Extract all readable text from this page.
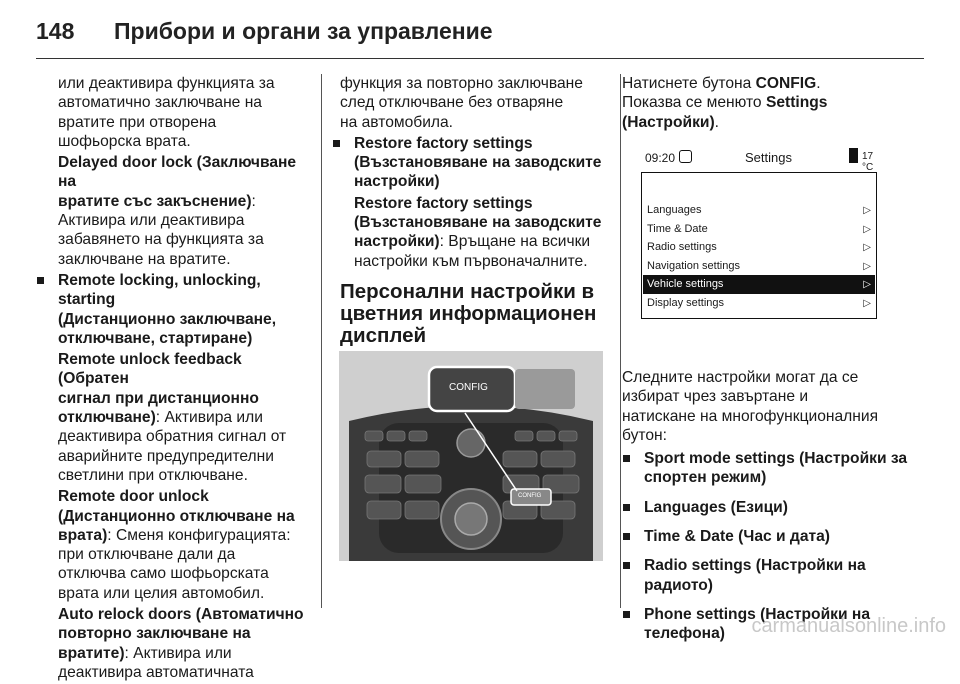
148 Прибори и органи за управление

или деактивира функцията за
автоматично заключване на
вратите при отворена
шофьорска врата.

Delayed door lock (Заключване на
вратите със закъснение):
Активира или деактивира
забавянето на функцията за
заключване на вратите.

Remote locking, unlocking, starting
(Дистанционно заключване,
отключване, стартиране)

Remote unlock feedback (Обратен
сигнал при дистанционно
отключване): Активира или
деактивира обратния сигнал от
аварийните предупредителни
светлини при отключване.

Remote door unlock
(Дистанционно отключване на
врата): Сменя конфигурацията:
при отключване дали да
отключва само шофьорската
врата или целия автомобил.

Auto relock doors (Автоматично
повторно заключване на
вратите): Активира или
деактивира автоматичната

функция за повторно заключване
след отключване без отваряне
на автомобила.

Restore factory settings
(Възстановяване на заводските
настройки)

Restore factory settings
(Възстановяване на заводските
настройки): Връщане на всички
настройки към първоначалните.

Персонални настройки в
цветния информационен
дисплей
CONFIG
CONFIG

Натиснете бутона CONFIG.
Показва се менюто Settings
(Настройки).

09:20	Settings	17 °C
Languages	▷
Time & Date	▷
Radio settings	▷
Navigation settings	▷
Vehicle settings	▷
Display settings	▷

Следните настройки могат да се
избират чрез завъртане и
натискане на многофункционалния
бутон:

Sport mode settings (Настройки за
спортен режим)

Languages (Езици)

Time & Date (Час и дата)

Radio settings (Настройки на
радиото)

Phone settings (Настройки на
телефона)	carmanualsonline.info
